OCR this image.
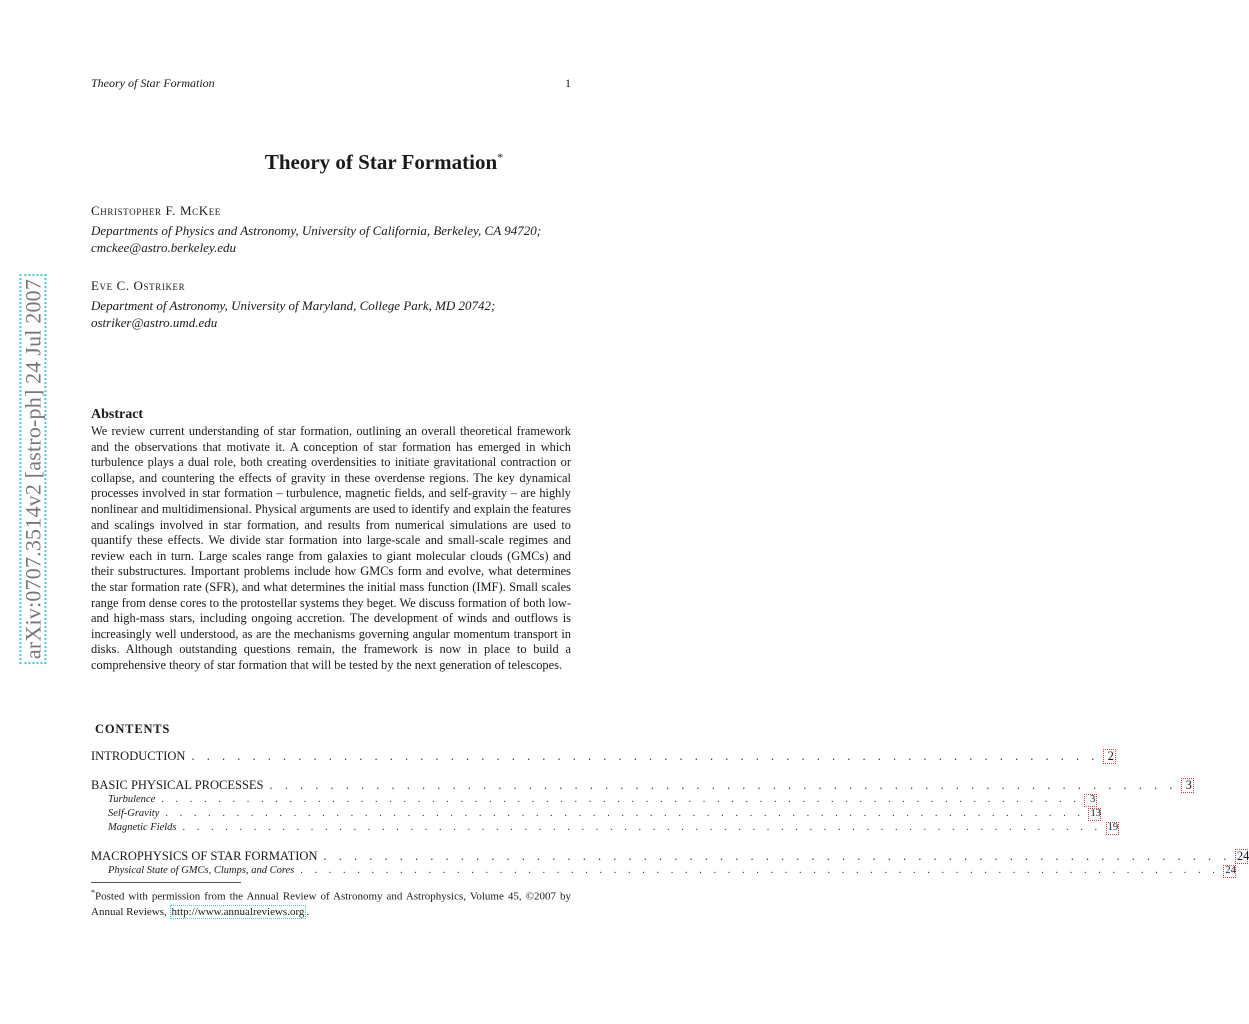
Theory of Star Formation	1
arXiv:0707.3514v2 [astro-ph] 24 Jul 2007
Theory of Star Formation*
Christopher F. McKee
Departments of Physics and Astronomy, University of California, Berkeley, CA 94720; cmckee@astro.berkeley.edu
Eve C. Ostriker
Department of Astronomy, University of Maryland, College Park, MD 20742; ostriker@astro.umd.edu
Abstract
We review current understanding of star formation, outlining an overall theoretical framework and the observations that motivate it. A conception of star formation has emerged in which turbulence plays a dual role, both creating overdensities to initiate gravitational contraction or collapse, and countering the effects of gravity in these overdense regions. The key dynamical processes involved in star formation – turbulence, magnetic fields, and self-gravity – are highly nonlinear and multidimensional. Physical arguments are used to identify and explain the features and scalings involved in star formation, and results from numerical simulations are used to quantify these effects. We divide star formation into large-scale and small-scale regimes and review each in turn. Large scales range from galaxies to giant molecular clouds (GMCs) and their substructures. Important problems include how GMCs form and evolve, what determines the star formation rate (SFR), and what determines the initial mass function (IMF). Small scales range from dense cores to the protostellar systems they beget. We discuss formation of both low- and high-mass stars, including ongoing accretion. The development of winds and outflows is increasingly well understood, as are the mechanisms governing angular momentum transport in disks. Although outstanding questions remain, the framework is now in place to build a comprehensive theory of star formation that will be tested by the next generation of telescopes.
CONTENTS
INTRODUCTION . . . . . . . . . . . . . . . . . . . . . . . . . . . . . . . . . . . . . . . . . . . . . . . . . . . . . . . . . . . . 2
BASIC PHYSICAL PROCESSES . . . . . . . . . . . . . . . . . . . . . . . . . . . . . . . . . . . . . . . . . . . . . . . . . . . . . . . . . . . . 3
Turbulence . . . . . . . . . . . . . . . . . . . . . . . . . . . . . . . . . . . . . . . . . . . . . . . . . . . . . . . . . . . . . . . . . 3
Self-Gravity . . . . . . . . . . . . . . . . . . . . . . . . . . . . . . . . . . . . . . . . . . . . . . . . . . . . . . . . . . . . . . . . . 13
Magnetic Fields . . . . . . . . . . . . . . . . . . . . . . . . . . . . . . . . . . . . . . . . . . . . . . . . . . . . . . . . . . . . . . . . . 19
MACROPHYSICS OF STAR FORMATION . . . . . . . . . . . . . . . . . . . . . . . . . . . . . . . . . . . . . . . . . . . . . . . . . . . . . . . . . . . . 24
Physical State of GMCs, Clumps, and Cores . . . . . . . . . . . . . . . . . . . . . . . . . . . . . . . . . . . . . . . . . . . . . . . . . . . . . . . . . . . . . . . . . 24
*Posted with permission from the Annual Review of Astronomy and Astrophysics, Volume 45, ©2007 by Annual Reviews, http://www.annualreviews.org .
